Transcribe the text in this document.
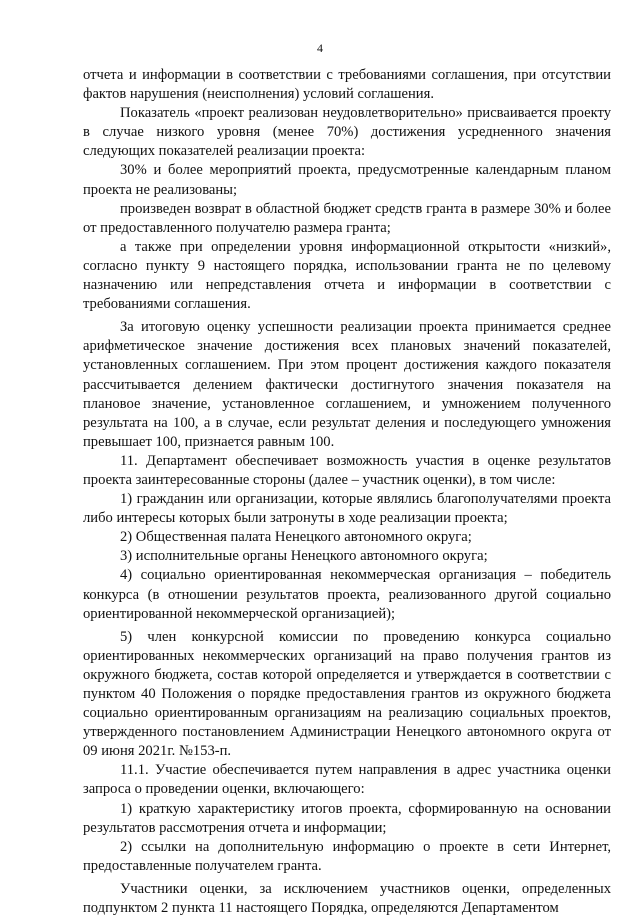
4

отчета и информации в соответствии с требованиями соглашения, при отсутствии фактов нарушения (неисполнения) условий соглашения.

Показатель «проект реализован неудовлетворительно» присваивается проекту в случае низкого уровня (менее 70%) достижения усредненного значения следующих показателей реализации проекта:

30% и более мероприятий проекта, предусмотренные календарным планом проекта не реализованы;

произведен возврат в областной бюджет средств гранта в размере 30% и более от предоставленного получателю размера гранта;

а также при определении уровня информационной открытости «низкий», согласно пункту 9 настоящего порядка, использовании гранта не по целевому назначению или непредставления отчета и информации в соответствии с требованиями соглашения.

За итоговую оценку успешности реализации проекта принимается среднее арифметическое значение достижения всех плановых значений показателей, установленных соглашением. При этом процент достижения каждого показателя рассчитывается делением фактически достигнутого значения показателя на плановое значение, установленное соглашением, и умножением полученного результата на 100, а в случае, если результат деления и последующего умножения превышает 100, признается равным 100.

11. Департамент обеспечивает возможность участия в оценке результатов проекта заинтересованные стороны (далее – участник оценки), в том числе:

1) гражданин или организации, которые являлись благополучателями проекта либо интересы которых были затронуты в ходе реализации проекта;

2) Общественная палата Ненецкого автономного округа;

3) исполнительные органы Ненецкого автономного округа;

4) социально ориентированная некоммерческая организация – победитель конкурса (в отношении результатов проекта, реализованного другой социально ориентированной некоммерческой организацией);

5) член конкурсной комиссии по проведению конкурса социально ориентированных некоммерческих организаций на право получения грантов из окружного бюджета, состав которой определяется и утверждается в соответствии с пунктом 40 Положения о порядке предоставления грантов из окружного бюджета социально ориентированным организациям на реализацию социальных проектов, утвержденного постановлением Администрации Ненецкого автономного округа от 09 июня 2021г. №153-п.

11.1. Участие обеспечивается путем направления в адрес участника оценки запроса о проведении оценки, включающего:

1) краткую характеристику итогов проекта, сформированную на основании результатов рассмотрения отчета и информации;

2) ссылки на дополнительную информацию о проекте в сети Интернет, предоставленные получателем гранта.

Участники оценки, за исключением участников оценки, определенных подпунктом 2 пункта 11 настоящего Порядка, определяются Департаментом
